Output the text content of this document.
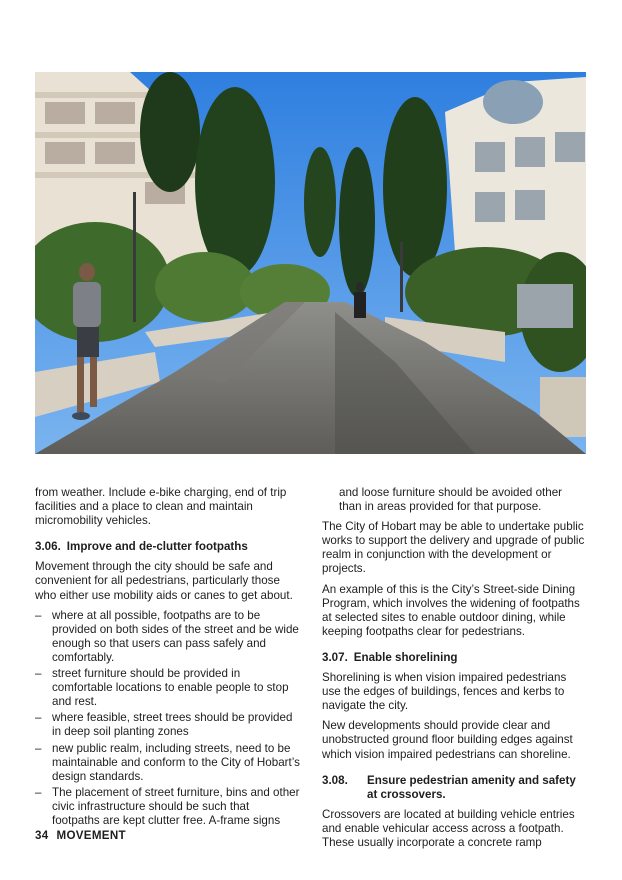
from weather. Include e-bike charging, end of trip facilities and a place to clean and maintain micromobility vehicles.

3.06. Improve and de-clutter footpaths

Movement through the city should be safe and convenient for all pedestrians, particularly those who either use mobility aids or canes to get about.

– where at all possible, footpaths are to be provided on both sides of the street and be wide enough so that users can pass safely and comfortably.
– street furniture should be provided in comfortable locations to enable people to stop and rest.
– where feasible, street trees should be provided in deep soil planting zones
– new public realm, including streets, need to be maintainable and conform to the City of Hobart’s design standards.
– The placement of street furniture, bins and other civic infrastructure should be such that footpaths are kept clutter free. A-frame signs

and loose furniture should be avoided other than in areas provided for that purpose.

The City of Hobart may be able to undertake public works to support the delivery and upgrade of public realm in conjunction with the development or projects.

An example of this is the City’s Street-side Dining Program, which involves the widening of footpaths at selected sites to enable outdoor dining, while keeping footpaths clear for pedestrians.

3.07. Enable shorelining

Shorelining is when vision impaired pedestrians use the edges of buildings, fences and kerbs to navigate the city.

New developments should provide clear and unobstructed ground floor building edges against which vision impaired pedestrians can shoreline.

3.08. Ensure pedestrian amenity and safety at crossovers.

Crossovers are located at building vehicle entries and enable vehicular access across a footpath. These usually incorporate a concrete ramp

34 MOVEMENT
